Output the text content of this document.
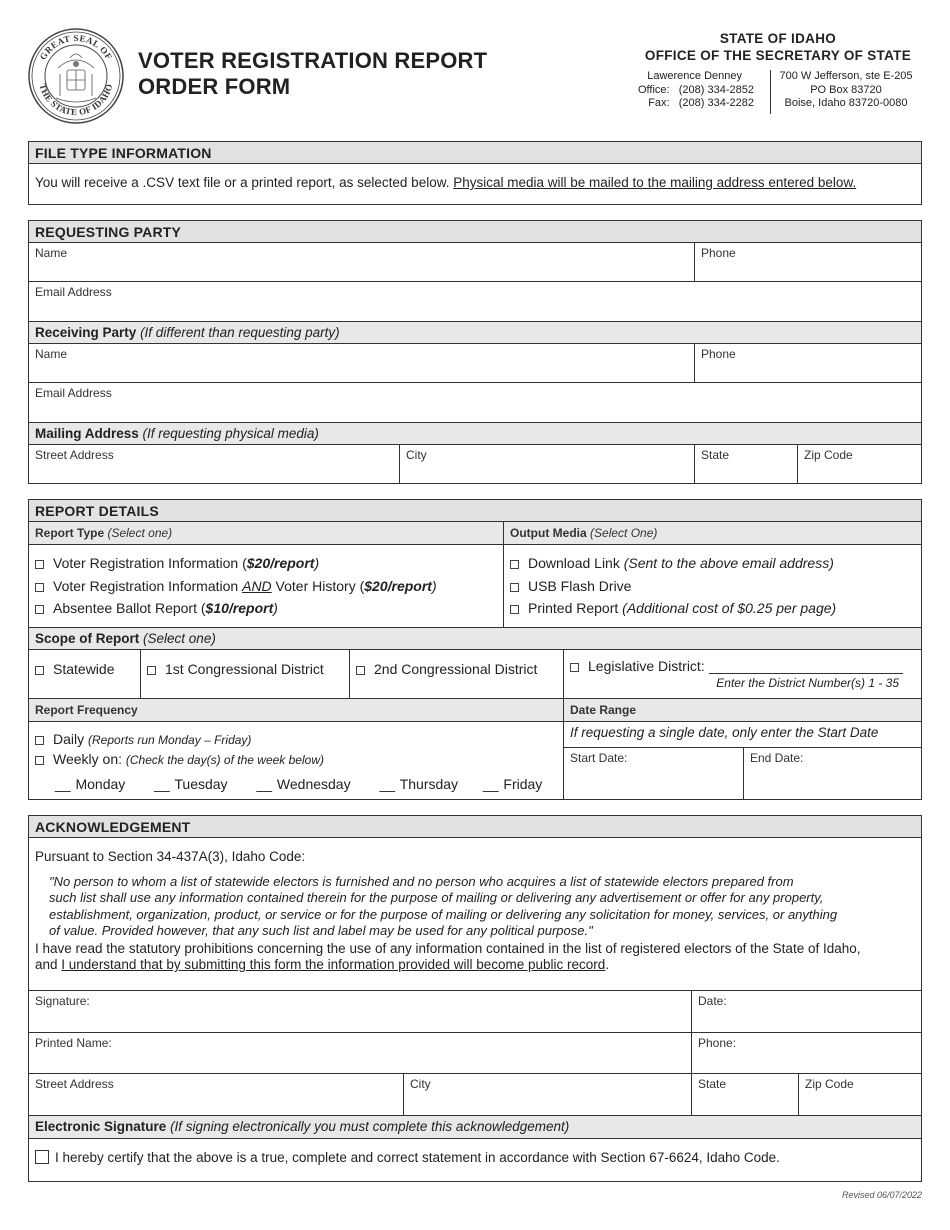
GREAT SEAL OF
THE STATE OF IDAHO
VOTER REGISTRATION REPORT
ORDER FORM
STATE OF IDAHO
OFFICE OF THE SECRETARY OF STATE
Lawerence Denney
Office: (208) 334-2852
Fax: (208) 334-2282
700 W Jefferson, ste E-205
PO Box 83720
Boise, Idaho 83720-0080
FILE TYPE INFORMATION
You will receive a .CSV text file or a printed report, as selected below. Physical media will be mailed to the mailing address entered below.
REQUESTING PARTY
Name	Phone
Email Address
Receiving Party (If different than requesting party)
Name	Phone
Email Address
Mailing Address (If requesting physical media)
Street Address	City	State	Zip Code
REPORT DETAILS
Report Type (Select one)	Output Media (Select One)
Voter Registration Information ($20/report)
Voter Registration Information AND Voter History ($20/report)
Absentee Ballot Report ($10/report)
Download Link (Sent to the above email address)
USB Flash Drive
Printed Report (Additional cost of $0.25 per page)
Scope of Report (Select one)
Statewide	1st Congressional District	2nd Congressional District	Legislative District:
Enter the District Number(s) 1 - 35
Report Frequency	Date Range
Daily (Reports run Monday – Friday)
Weekly on: (Check the day(s) of the week below)
__ Monday __ Tuesday __ Wednesday __ Thursday __ Friday
If requesting a single date, only enter the Start Date
Start Date:	End Date:
ACKNOWLEDGEMENT
Pursuant to Section 34-437A(3), Idaho Code:
"No person to whom a list of statewide electors is furnished and no person who acquires a list of statewide electors prepared from
such list shall use any information contained therein for the purpose of mailing or delivering any advertisement or offer for any property,
establishment, organization, product, or service or for the purpose of mailing or delivering any solicitation for money, services, or anything
of value. Provided however, that any such list and label may be used for any political purpose."
I have read the statutory prohibitions concerning the use of any information contained in the list of registered electors of the State of Idaho,
and I understand that by submitting this form the information provided will become public record.
Signature:	Date:
Printed Name:	Phone:
Street Address	City	State	Zip Code
Electronic Signature (If signing electronically you must complete this acknowledgement)
I hereby certify that the above is a true, complete and correct statement in accordance with Section 67-6624, Idaho Code.
Revised 06/07/2022
